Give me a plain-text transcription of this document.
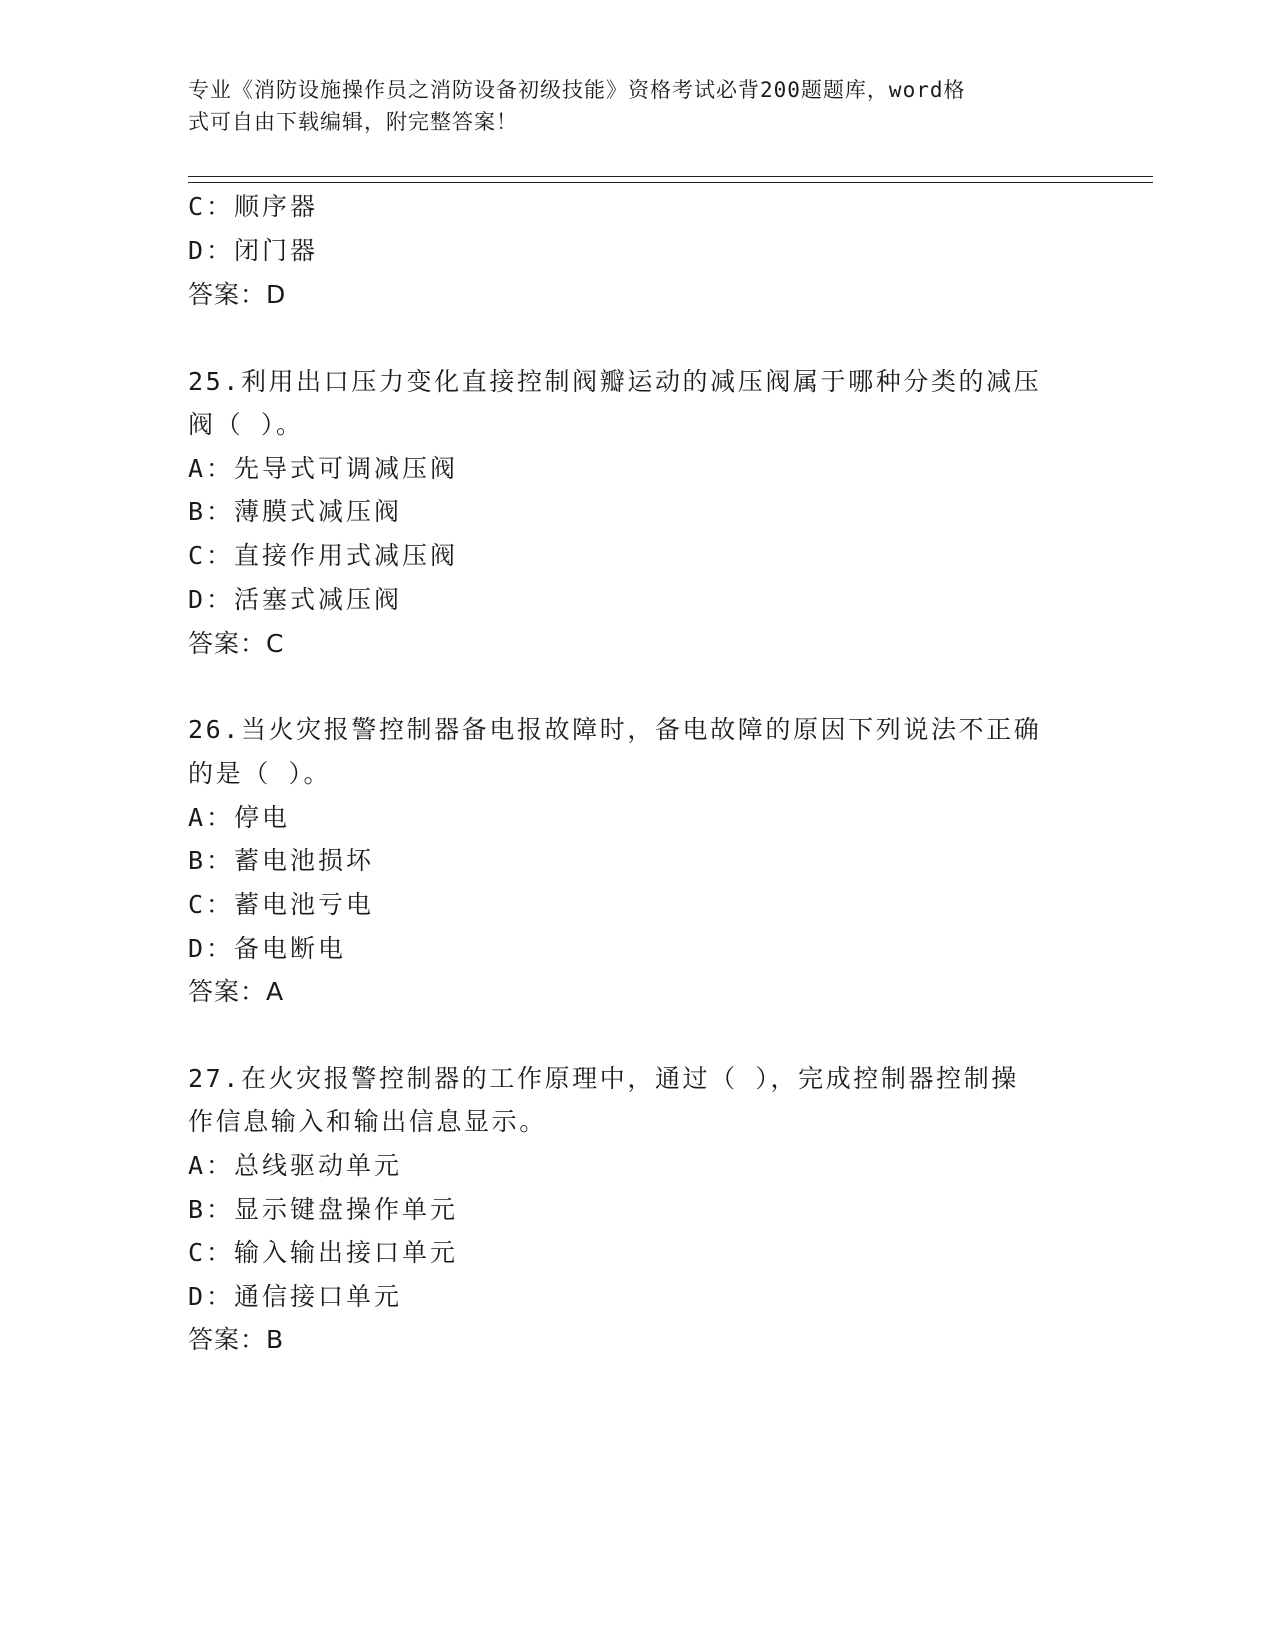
专业《消防设施操作员之消防设备初级技能》资格考试必背200题题库，word格
式可自由下载编辑，附完整答案！
C：顺序器
D：闭门器
答案：D
25.利用出口压力变化直接控制阀瓣运动的减压阀属于哪种分类的减压
阀（ ）。
A：先导式可调减压阀
B：薄膜式减压阀
C：直接作用式减压阀
D：活塞式减压阀
答案：C
26.当火灾报警控制器备电报故障时，备电故障的原因下列说法不正确
的是（ ）。
A：停电
B：蓄电池损坏
C：蓄电池亏电
D：备电断电
答案：A
27.在火灾报警控制器的工作原理中，通过（ ），完成控制器控制操
作信息输入和输出信息显示。
A：总线驱动单元
B：显示键盘操作单元
C：输入输出接口单元
D：通信接口单元
答案：B
